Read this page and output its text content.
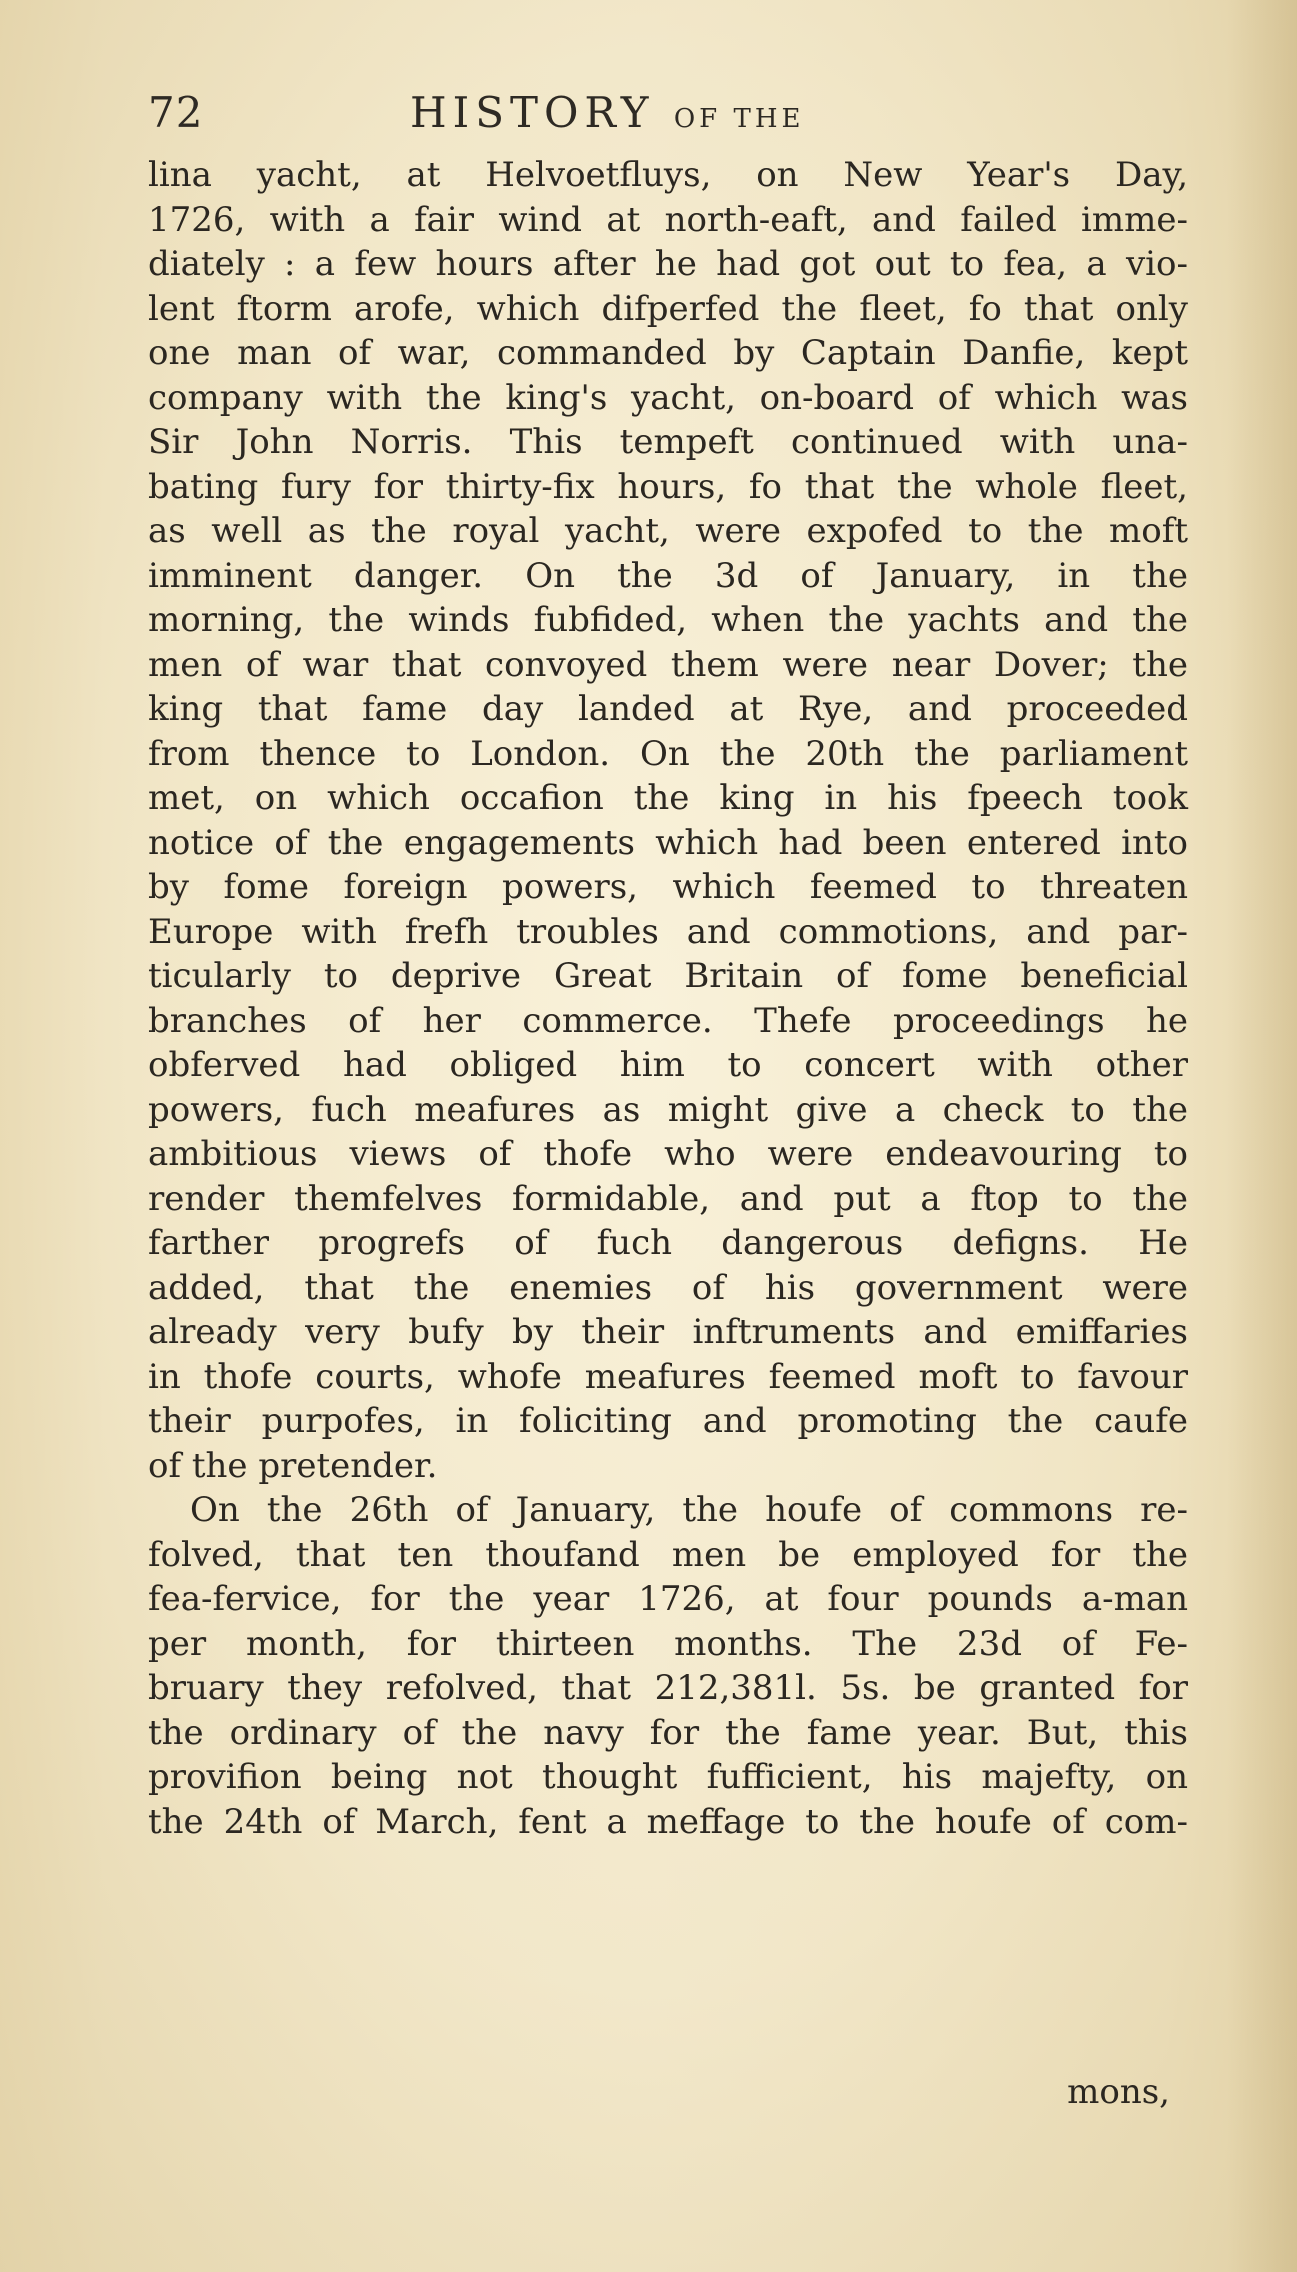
72	HISTORY OF THE
lina yacht, at Helvoetfluys, on New Year's Day,
1726, with a fair wind at north-eaft, and failed imme-
diately : a few hours after he had got out to fea, a vio-
lent ftorm arofe, which difperfed the fleet, fo that only
one man of war, commanded by Captain Danfie, kept
company with the king's yacht, on-board of which was
Sir John Norris. This tempeft continued with una-
bating fury for thirty-fix hours, fo that the whole fleet,
as well as the royal yacht, were expofed to the moft
imminent danger. On the 3d of January, in the
morning, the winds fubfided, when the yachts and the
men of war that convoyed them were near Dover; the
king that fame day landed at Rye, and proceeded
from thence to London. On the 20th the parliament
met, on which occafion the king in his fpeech took
notice of the engagements which had been entered into
by fome foreign powers, which feemed to threaten
Europe with frefh troubles and commotions, and par-
ticularly to deprive Great Britain of fome beneficial
branches of her commerce. Thefe proceedings he
obferved had obliged him to concert with other
powers, fuch meafures as might give a check to the
ambitious views of thofe who were endeavouring to
render themfelves formidable, and put a ftop to the
farther progrefs of fuch dangerous defigns. He
added, that the enemies of his government were
already very bufy by their inftruments and emiffaries
in thofe courts, whofe meafures feemed moft to favour
their purpofes, in foliciting and promoting the caufe
of the pretender.
On the 26th of January, the houfe of commons re-
folved, that ten thoufand men be employed for the
fea-fervice, for the year 1726, at four pounds a-man
per month, for thirteen months. The 23d of Fe-
bruary they refolved, that 212,381l. 5s. be granted for
the ordinary of the navy for the fame year. But, this
provifion being not thought fufficient, his majefty, on
the 24th of March, fent a meffage to the houfe of com-
mons,
